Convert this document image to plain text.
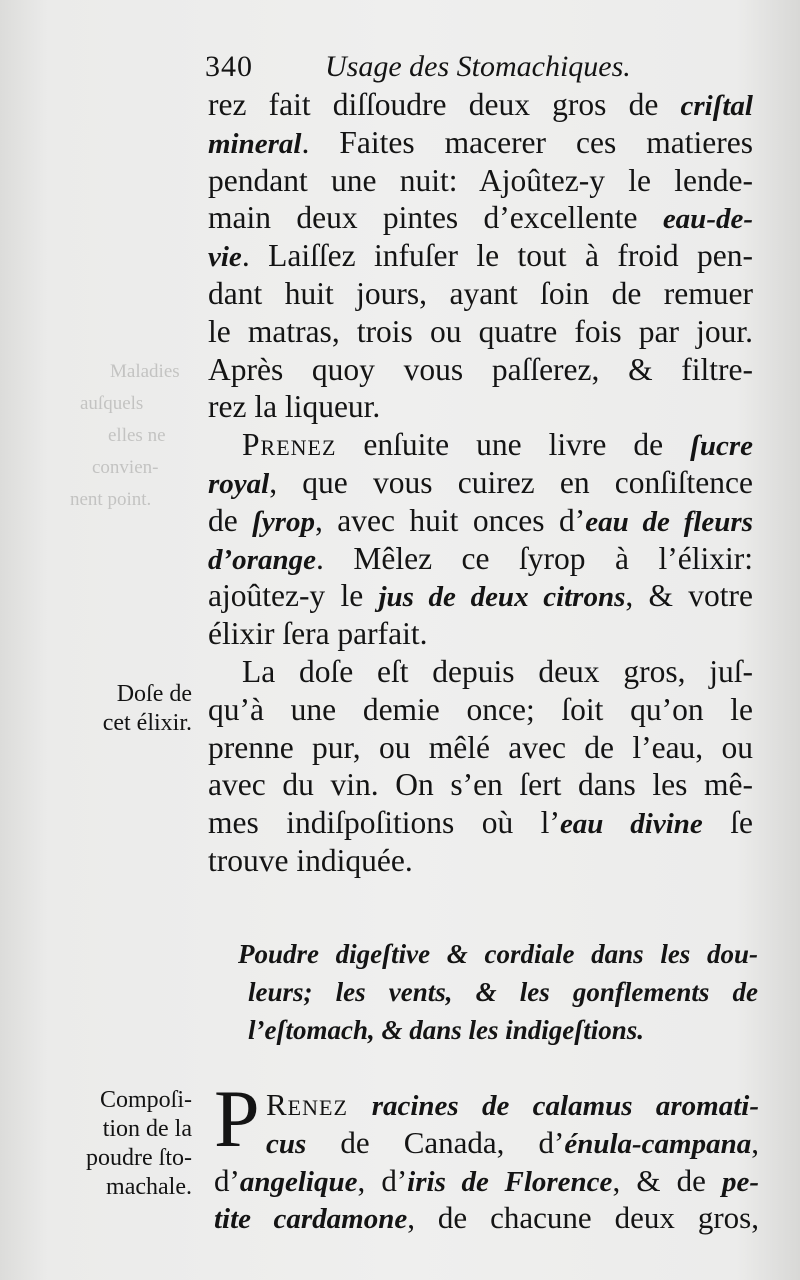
Maladies
auſquels
elles ne
convien-
nent point.
340 Usage des Stomachiques.
rez fait diſſoudre deux gros de criſtal
mineral. Faites macerer ces matieres
pendant une nuit: Ajoûtez-y le lende-
main deux pintes d’excellente eau-de-
vie. Laiſſez infuſer le tout à froid pen-
dant huit jours, ayant ſoin de remuer
le matras, trois ou quatre fois par jour.
Après quoy vous paſſerez, & filtre-
rez la liqueur.
Prenez enſuite une livre de ſucre
royal, que vous cuirez en conſiſtence
de ſyrop, avec huit onces d’eau de fleurs
d’orange. Mêlez ce ſyrop à l’élixir:
ajoûtez-y le jus de deux citrons, & votre
élixir ſera parfait.
La doſe eſt depuis deux gros, juſ-
qu’à une demie once; ſoit qu’on le
prenne pur, ou mêlé avec de l’eau, ou
avec du vin. On s’en ſert dans les mê-
mes indiſpoſitions où l’eau divine ſe
trouve indiquée.
Poudre digeſtive & cordiale dans les dou-
leurs; les vents, & les gonflements de
l’eſtomach, & dans les indigeſtions.
P Renez racines de calamus aromati-
cus de Canada, d’énula-campana,
d’angelique, d’iris de Florence, & de pe-
tite cardamone, de chacune deux gros,
Doſe de
cet élixir.
Compoſi-
tion de la
poudre ſto-
machale.
